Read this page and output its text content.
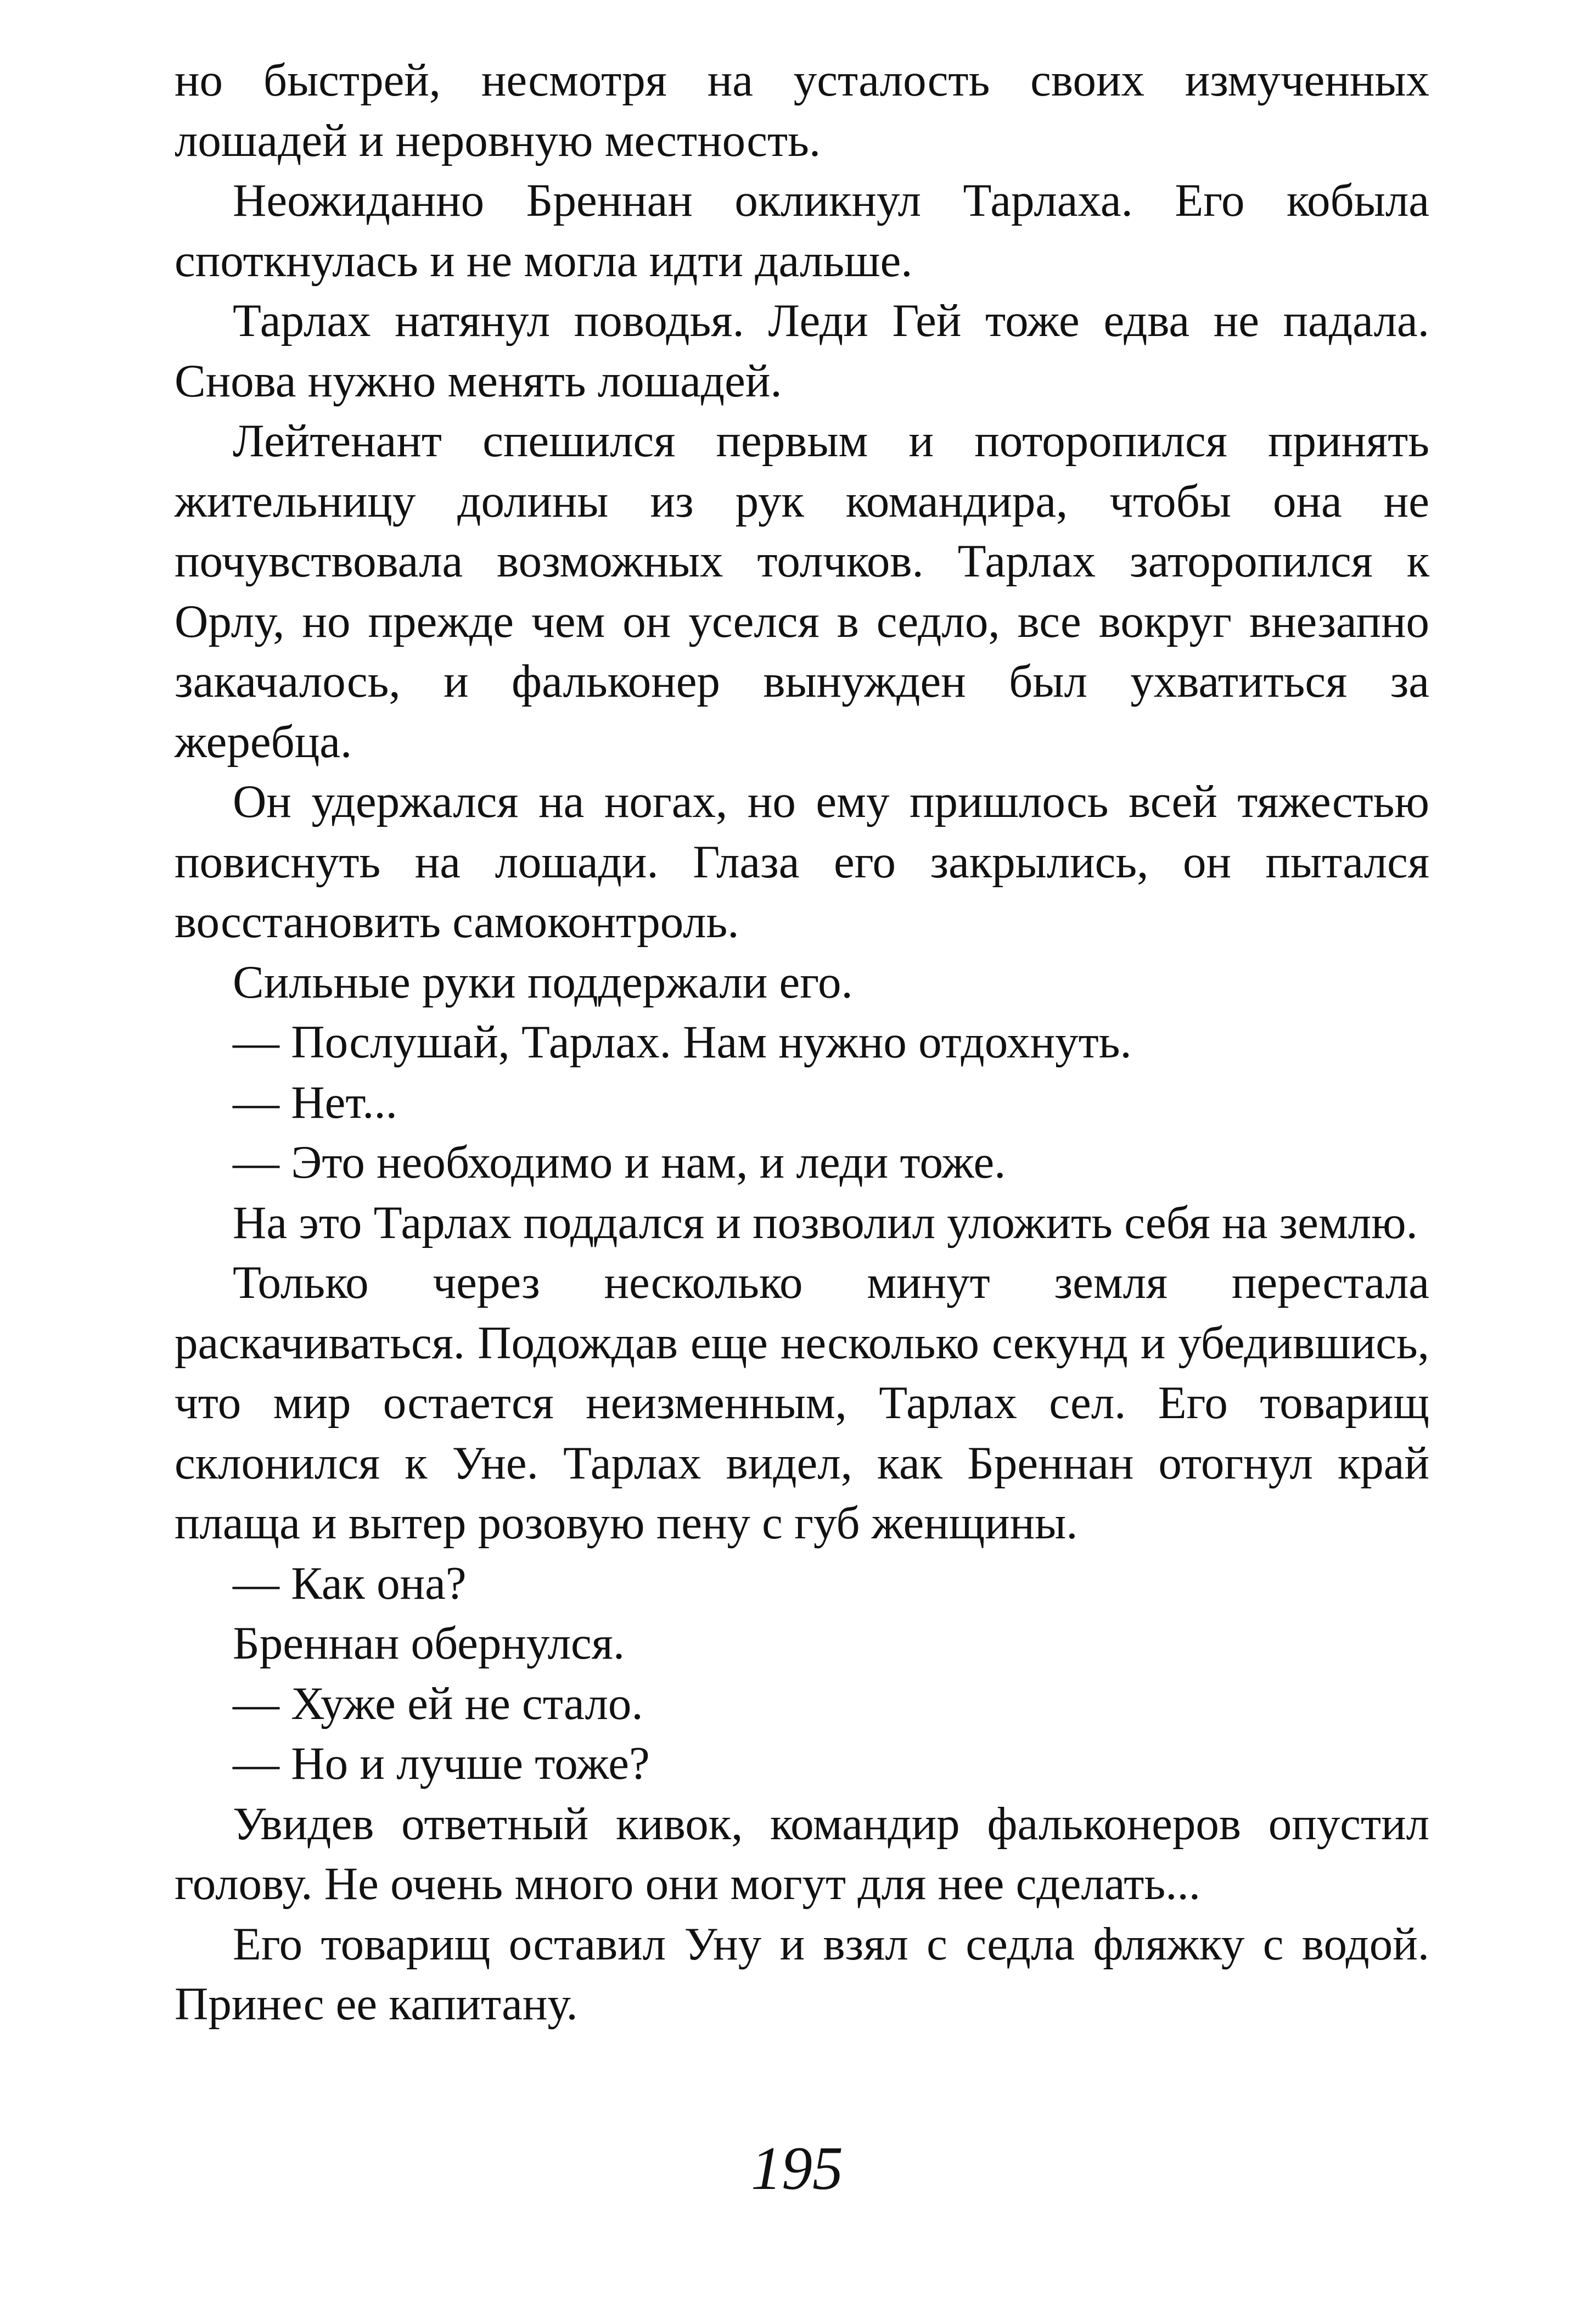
но быстрей, несмотря на усталость своих измученных лошадей и неровную местность.

Неожиданно Бреннан окликнул Тарлаха. Его кобыла споткнулась и не могла идти дальше.

Тарлах натянул поводья. Леди Гей тоже едва не падала. Снова нужно менять лошадей.

Лейтенант спешился первым и поторопился принять жительницу долины из рук командира, чтобы она не почувствовала возможных толчков. Тарлах заторопился к Орлу, но прежде чем он уселся в седло, все вокруг внезапно закачалось, и фальконер вынужден был ухватиться за жеребца.

Он удержался на ногах, но ему пришлось всей тяжестью повиснуть на лошади. Глаза его закрылись, он пытался восстановить самоконтроль.

Сильные руки поддержали его.

— Послушай, Тарлах. Нам нужно отдохнуть.

— Нет...

— Это необходимо и нам, и леди тоже.

На это Тарлах поддался и позволил уложить себя на землю.

Только через несколько минут земля перестала раскачиваться. Подождав еще несколько секунд и убедившись, что мир остается неизменным, Тарлах сел. Его товарищ склонился к Уне. Тарлах видел, как Бреннан отогнул край плаща и вытер розовую пену с губ женщины.

— Как она?

Бреннан обернулся.

— Хуже ей не стало.

— Но и лучше тоже?

Увидев ответный кивок, командир фальконеров опустил голову. Не очень много они могут для нее сделать...

Его товарищ оставил Уну и взял с седла фляжку с водой. Принес ее капитану.

195
